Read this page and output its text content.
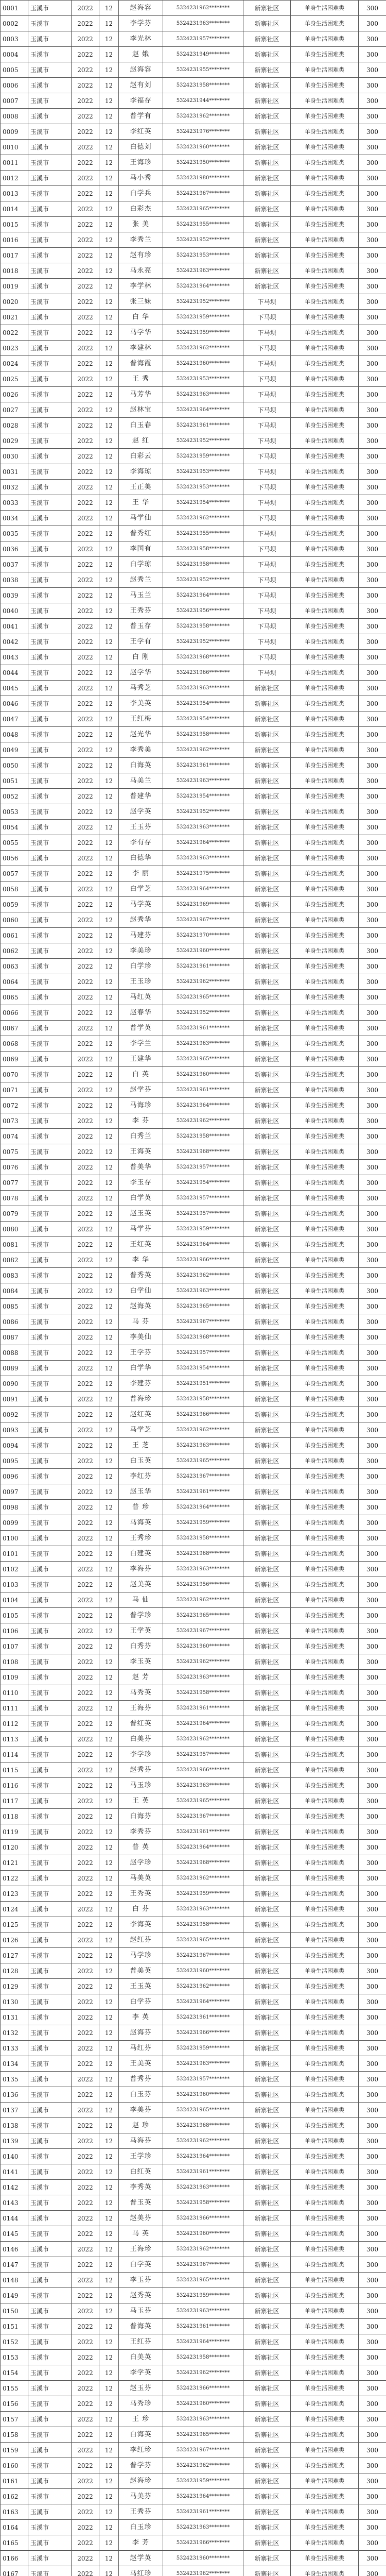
0001	玉溪市	2022	12	赵海容	5324231962********	新寨社区	单身生活困难类	300
0002	玉溪市	2022	12	李学芬	5324231963********	新寨社区	单身生活困难类	300
0003	玉溪市	2022	12	李光林	5324231957********	新寨社区	单身生活困难类	300
0004	玉溪市	2022	12	赵 娥	5324231949********	新寨社区	单身生活困难类	300
0005	玉溪市	2022	12	赵海容	5324231955********	新寨社区	单身生活困难类	300
0006	玉溪市	2022	12	赵有刘	5324231958********	新寨社区	单身生活困难类	300
0007	玉溪市	2022	12	李福存	5324231944********	新寨社区	单身生活困难类	300
0008	玉溪市	2022	12	普学有	5324231962********	新寨社区	单身生活困难类	300
0009	玉溪市	2022	12	李红英	5324231976********	新寨社区	单身生活困难类	300
0010	玉溪市	2022	12	白德刘	5324231960********	新寨社区	单身生活困难类	300
0011	玉溪市	2022	12	王海珍	5324231950********	新寨社区	单身生活困难类	300
0012	玉溪市	2022	12	马小秀	5324231980********	新寨社区	单身生活困难类	300
0013	玉溪市	2022	12	白学兵	5324231967********	新寨社区	单身生活困难类	300
0014	玉溪市	2022	12	白彩杰	5324231965********	新寨社区	单身生活困难类	300
0015	玉溪市	2022	12	张 美	5324231955********	新寨社区	单身生活困难类	300
0016	玉溪市	2022	12	李秀兰	5324231952********	新寨社区	单身生活困难类	300
0017	玉溪市	2022	12	赵有珍	5324231953********	新寨社区	单身生活困难类	300
0018	玉溪市	2022	12	马永亮	5324231963********	新寨社区	单身生活困难类	300
0019	玉溪市	2022	12	李学林	5324231964********	新寨社区	单身生活困难类	300
0020	玉溪市	2022	12	张三妹	5324231952********	下马坝	单身生活困难类	300
0021	玉溪市	2022	12	白 华	5324231959********	下马坝	单身生活困难类	300
0022	玉溪市	2022	12	马学华	5324231959********	下马坝	单身生活困难类	300
0023	玉溪市	2022	12	李建林	5324231962********	下马坝	单身生活困难类	300
0024	玉溪市	2022	12	普海霞	5324231960********	下马坝	单身生活困难类	300
0025	玉溪市	2022	12	王 秀	5324231953********	下马坝	单身生活困难类	300
0026	玉溪市	2022	12	马芳华	5324231963********	下马坝	单身生活困难类	300
0027	玉溪市	2022	12	赵林宝	5324231964********	下马坝	单身生活困难类	300
0028	玉溪市	2022	12	白玉春	5324231961********	下马坝	单身生活困难类	300
0029	玉溪市	2022	12	赵 红	5324231952********	下马坝	单身生活困难类	300
0030	玉溪市	2022	12	白彩云	5324231959********	下马坝	单身生活困难类	300
0031	玉溪市	2022	12	李海琼	5324231953********	下马坝	单身生活困难类	300
0032	玉溪市	2022	12	王正美	5324231953********	下马坝	单身生活困难类	300
0033	玉溪市	2022	12	王 华	5324231954********	下马坝	单身生活困难类	300
0034	玉溪市	2022	12	马学仙	5324231962********	下马坝	单身生活困难类	300
0035	玉溪市	2022	12	普秀红	5324231955********	下马坝	单身生活困难类	300
0036	玉溪市	2022	12	李国有	5324231958********	下马坝	单身生活困难类	300
0037	玉溪市	2022	12	白学琼	5324231958********	下马坝	单身生活困难类	300
0038	玉溪市	2022	12	赵秀兰	5324231952********	下马坝	单身生活困难类	300
0039	玉溪市	2022	12	马玉兰	5324231964********	下马坝	单身生活困难类	300
0040	玉溪市	2022	12	王秀芬	5324231956********	下马坝	单身生活困难类	300
0041	玉溪市	2022	12	普玉存	5324231958********	下马坝	单身生活困难类	300
0042	玉溪市	2022	12	王学有	5324231952********	下马坝	单身生活困难类	300
0043	玉溪市	2022	12	白 刚	5324231968********	下马坝	单身生活困难类	300
0044	玉溪市	2022	12	赵学华	5324231966********	下马坝	单身生活困难类	300
0045	玉溪市	2022	12	马秀芝	5324231963********	新寨社区	单身生活困难类	300
0046	玉溪市	2022	12	李美英	5324231954********	新寨社区	单身生活困难类	300
0047	玉溪市	2022	12	王红梅	5324231954********	新寨社区	单身生活困难类	300
0048	玉溪市	2022	12	赵光华	5324231958********	新寨社区	单身生活困难类	300
0049	玉溪市	2022	12	李秀美	5324231962********	新寨社区	单身生活困难类	300
0050	玉溪市	2022	12	白海英	5324231961********	新寨社区	单身生活困难类	300
0051	玉溪市	2022	12	马美兰	5324231963********	新寨社区	单身生活困难类	300
0052	玉溪市	2022	12	普建华	5324231954********	新寨社区	单身生活困难类	300
0053	玉溪市	2022	12	赵学英	5324231952********	新寨社区	单身生活困难类	300
0054	玉溪市	2022	12	王玉芬	5324231963********	新寨社区	单身生活困难类	300
0055	玉溪市	2022	12	李有存	5324231964********	新寨社区	单身生活困难类	300
0056	玉溪市	2022	12	白德华	5324231963********	新寨社区	单身生活困难类	300
0057	玉溪市	2022	12	李 丽	5324231975********	新寨社区	单身生活困难类	300
0058	玉溪市	2022	12	白学芝	5324231964********	新寨社区	单身生活困难类	300
0059	玉溪市	2022	12	马学英	5324231969********	新寨社区	单身生活困难类	300
0060	玉溪市	2022	12	赵秀华	5324231967********	新寨社区	单身生活困难类	300
0061	玉溪市	2022	12	马建芬	5324231970********	新寨社区	单身生活困难类	300
0062	玉溪市	2022	12	李美珍	5324231960********	新寨社区	单身生活困难类	300
0063	玉溪市	2022	12	白学珍	5324231961********	新寨社区	单身生活困难类	300
0064	玉溪市	2022	12	王玉珍	5324231962********	新寨社区	单身生活困难类	300
0065	玉溪市	2022	12	马红英	5324231965********	新寨社区	单身生活困难类	300
0066	玉溪市	2022	12	赵春华	5324231952********	新寨社区	单身生活困难类	300
0067	玉溪市	2022	12	普学英	5324231961********	新寨社区	单身生活困难类	300
0068	玉溪市	2022	12	李学兰	5324231963********	新寨社区	单身生活困难类	300
0069	玉溪市	2022	12	王建华	5324231965********	新寨社区	单身生活困难类	300
0070	玉溪市	2022	12	白 英	5324231960********	新寨社区	单身生活困难类	300
0071	玉溪市	2022	12	赵学芬	5324231961********	新寨社区	单身生活困难类	300
0072	玉溪市	2022	12	马海珍	5324231964********	新寨社区	单身生活困难类	300
0073	玉溪市	2022	12	李 芬	5324231962********	新寨社区	单身生活困难类	300
0074	玉溪市	2022	12	白秀兰	5324231958********	新寨社区	单身生活困难类	300
0075	玉溪市	2022	12	王海英	5324231968********	新寨社区	单身生活困难类	300
0076	玉溪市	2022	12	普美华	5324231957********	新寨社区	单身生活困难类	300
0077	玉溪市	2022	12	李玉存	5324231954********	新寨社区	单身生活困难类	300
0078	玉溪市	2022	12	白学英	5324231957********	新寨社区	单身生活困难类	300
0079	玉溪市	2022	12	赵玉英	5324231957********	新寨社区	单身生活困难类	300
0080	玉溪市	2022	12	马学芬	5324231959********	新寨社区	单身生活困难类	300
0081	玉溪市	2022	12	王红英	5324231964********	新寨社区	单身生活困难类	300
0082	玉溪市	2022	12	李 华	5324231966********	新寨社区	单身生活困难类	300
0083	玉溪市	2022	12	普秀英	5324231962********	新寨社区	单身生活困难类	300
0084	玉溪市	2022	12	白学仙	5324231963********	新寨社区	单身生活困难类	300
0085	玉溪市	2022	12	赵海英	5324231965********	新寨社区	单身生活困难类	300
0086	玉溪市	2022	12	马 芬	5324231967********	新寨社区	单身生活困难类	300
0087	玉溪市	2022	12	李美仙	5324231968********	新寨社区	单身生活困难类	300
0088	玉溪市	2022	12	王学芬	5324231957********	新寨社区	单身生活困难类	300
0089	玉溪市	2022	12	白学华	5324231954********	新寨社区	单身生活困难类	300
0090	玉溪市	2022	12	李建芬	5324231951********	新寨社区	单身生活困难类	300
0091	玉溪市	2022	12	普海珍	5324231958********	新寨社区	单身生活困难类	300
0092	玉溪市	2022	12	赵红英	5324231966********	新寨社区	单身生活困难类	300
0093	玉溪市	2022	12	马学芝	5324231962********	新寨社区	单身生活困难类	300
0094	玉溪市	2022	12	王 芝	5324231963********	新寨社区	单身生活困难类	300
0095	玉溪市	2022	12	白玉英	5324231965********	新寨社区	单身生活困难类	300
0096	玉溪市	2022	12	李红芬	5324231967********	新寨社区	单身生活困难类	300
0097	玉溪市	2022	12	赵玉华	5324231961********	新寨社区	单身生活困难类	300
0098	玉溪市	2022	12	普 珍	5324231964********	新寨社区	单身生活困难类	300
0099	玉溪市	2022	12	马海英	5324231959********	新寨社区	单身生活困难类	300
0100	玉溪市	2022	12	王秀珍	5324231958********	新寨社区	单身生活困难类	300
0101	玉溪市	2022	12	白建英	5324231968********	新寨社区	单身生活困难类	300
0102	玉溪市	2022	12	李海芬	5324231963********	新寨社区	单身生活困难类	300
0103	玉溪市	2022	12	赵美英	5324231956********	新寨社区	单身生活困难类	300
0104	玉溪市	2022	12	马 仙	5324231962********	新寨社区	单身生活困难类	300
0105	玉溪市	2022	12	普学珍	5324231965********	新寨社区	单身生活困难类	300
0106	玉溪市	2022	12	王学英	5324231967********	新寨社区	单身生活困难类	300
0107	玉溪市	2022	12	白秀芬	5324231960********	新寨社区	单身生活困难类	300
0108	玉溪市	2022	12	李玉英	5324231962********	新寨社区	单身生活困难类	300
0109	玉溪市	2022	12	赵 芳	5324231963********	新寨社区	单身生活困难类	300
0110	玉溪市	2022	12	马秀英	5324231958********	新寨社区	单身生活困难类	300
0111	玉溪市	2022	12	王海芬	5324231961********	新寨社区	单身生活困难类	300
0112	玉溪市	2022	12	普红英	5324231964********	新寨社区	单身生活困难类	300
0113	玉溪市	2022	12	白美芬	5324231962********	新寨社区	单身生活困难类	300
0114	玉溪市	2022	12	李学珍	5324231957********	新寨社区	单身生活困难类	300
0115	玉溪市	2022	12	赵秀芬	5324231966********	新寨社区	单身生活困难类	300
0116	玉溪市	2022	12	马玉珍	5324231963********	新寨社区	单身生活困难类	300
0117	玉溪市	2022	12	王 英	5324231965********	新寨社区	单身生活困难类	300
0118	玉溪市	2022	12	白海芬	5324231967********	新寨社区	单身生活困难类	300
0119	玉溪市	2022	12	李秀芬	5324231961********	新寨社区	单身生活困难类	300
0120	玉溪市	2022	12	普 英	5324231964********	新寨社区	单身生活困难类	300
0121	玉溪市	2022	12	赵学珍	5324231968********	新寨社区	单身生活困难类	300
0122	玉溪市	2022	12	马美英	5324231962********	新寨社区	单身生活困难类	300
0123	玉溪市	2022	12	王秀英	5324231959********	新寨社区	单身生活困难类	300
0124	玉溪市	2022	12	白 芬	5324231963********	新寨社区	单身生活困难类	300
0125	玉溪市	2022	12	李海英	5324231958********	新寨社区	单身生活困难类	300
0126	玉溪市	2022	12	赵红芬	5324231965********	新寨社区	单身生活困难类	300
0127	玉溪市	2022	12	马学珍	5324231967********	新寨社区	单身生活困难类	300
0128	玉溪市	2022	12	普美英	5324231960********	新寨社区	单身生活困难类	300
0129	玉溪市	2022	12	王玉英	5324231962********	新寨社区	单身生活困难类	300
0130	玉溪市	2022	12	白学芬	5324231964********	新寨社区	单身生活困难类	300
0131	玉溪市	2022	12	李 英	5324231961********	新寨社区	单身生活困难类	300
0132	玉溪市	2022	12	赵海芬	5324231966********	新寨社区	单身生活困难类	300
0133	玉溪市	2022	12	马红芬	5324231959********	新寨社区	单身生活困难类	300
0134	玉溪市	2022	12	王美英	5324231963********	新寨社区	单身生活困难类	300
0135	玉溪市	2022	12	普秀芬	5324231957********	新寨社区	单身生活困难类	300
0136	玉溪市	2022	12	白玉芬	5324231960********	新寨社区	单身生活困难类	300
0137	玉溪市	2022	12	李美芬	5324231965********	新寨社区	单身生活困难类	300
0138	玉溪市	2022	12	赵 珍	5324231968********	新寨社区	单身生活困难类	300
0139	玉溪市	2022	12	马海芬	5324231962********	新寨社区	单身生活困难类	300
0140	玉溪市	2022	12	王学珍	5324231964********	新寨社区	单身生活困难类	300
0141	玉溪市	2022	12	白红英	5324231961********	新寨社区	单身生活困难类	300
0142	玉溪市	2022	12	李秀英	5324231963********	新寨社区	单身生活困难类	300
0143	玉溪市	2022	12	普玉英	5324231958********	新寨社区	单身生活困难类	300
0144	玉溪市	2022	12	赵美芬	5324231966********	新寨社区	单身生活困难类	300
0145	玉溪市	2022	12	马 英	5324231960********	新寨社区	单身生活困难类	300
0146	玉溪市	2022	12	王海珍	5324231962********	新寨社区	单身生活困难类	300
0147	玉溪市	2022	12	白学英	5324231967********	新寨社区	单身生活困难类	300
0148	玉溪市	2022	12	李玉芬	5324231965********	新寨社区	单身生活困难类	300
0149	玉溪市	2022	12	赵秀英	5324231959********	新寨社区	单身生活困难类	300
0150	玉溪市	2022	12	马玉芬	5324231963********	新寨社区	单身生活困难类	300
0151	玉溪市	2022	12	普海英	5324231961********	新寨社区	单身生活困难类	300
0152	玉溪市	2022	12	王红芬	5324231964********	新寨社区	单身生活困难类	300
0153	玉溪市	2022	12	白美英	5324231958********	新寨社区	单身生活困难类	300
0154	玉溪市	2022	12	李学英	5324231962********	新寨社区	单身生活困难类	300
0155	玉溪市	2022	12	赵玉芬	5324231966********	新寨社区	单身生活困难类	300
0156	玉溪市	2022	12	马秀珍	5324231960********	新寨社区	单身生活困难类	300
0157	玉溪市	2022	12	王 珍	5324231963********	新寨社区	单身生活困难类	300
0158	玉溪市	2022	12	白海英	5324231965********	新寨社区	单身生活困难类	300
0159	玉溪市	2022	12	李红珍	5324231967********	新寨社区	单身生活困难类	300
0160	玉溪市	2022	12	普学芬	5324231962********	新寨社区	单身生活困难类	300
0161	玉溪市	2022	12	赵海珍	5324231959********	新寨社区	单身生活困难类	300
0162	玉溪市	2022	12	马美芬	5324231964********	新寨社区	单身生活困难类	300
0163	玉溪市	2022	12	王秀芬	5324231961********	新寨社区	单身生活困难类	300
0164	玉溪市	2022	12	白玉珍	5324231963********	新寨社区	单身生活困难类	300
0165	玉溪市	2022	12	李 芳	5324231966********	新寨社区	单身生活困难类	300
0166	玉溪市	2022	12	赵学英	5324231960********	新寨社区	单身生活困难类	300
0167	玉溪市	2022	12	马红珍	5324231962********	新寨社区	单身生活困难类	300
